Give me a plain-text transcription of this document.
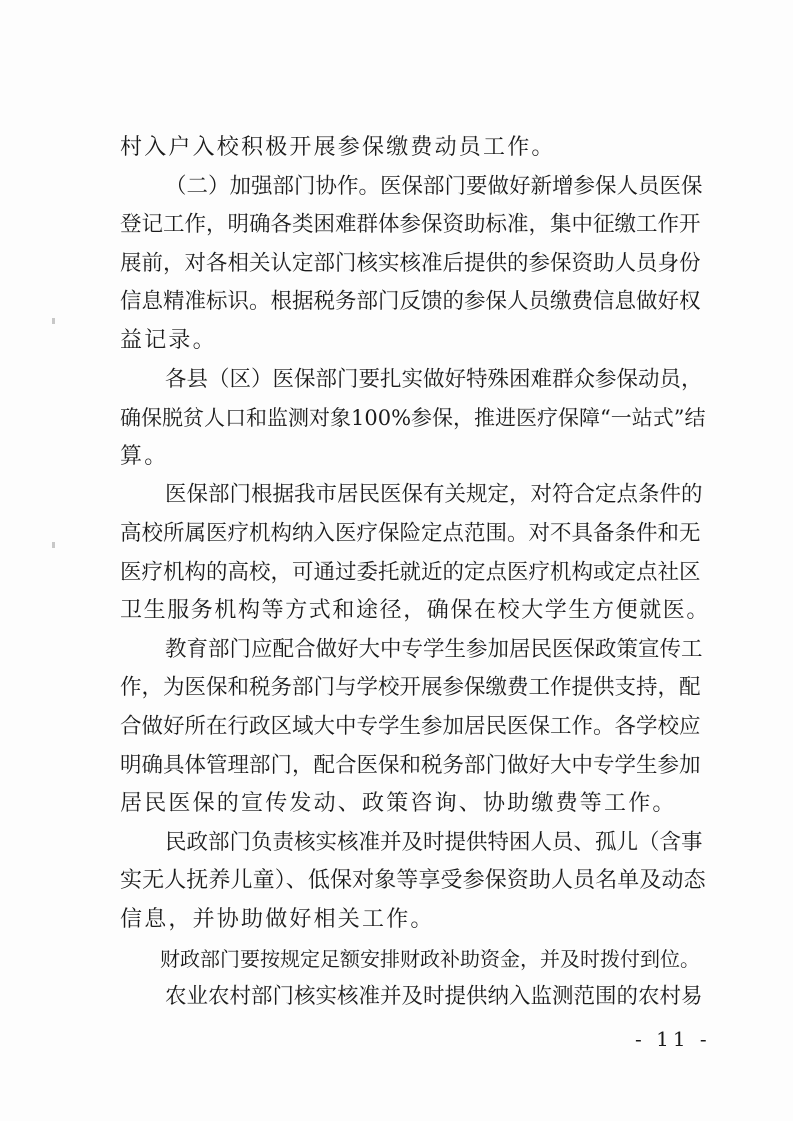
村入户入校积极开展参保缴费动员工作。
（二）加强部门协作。医保部门要做好新增参保人员医保
登记工作，明确各类困难群体参保资助标准，集中征缴工作开
展前，对各相关认定部门核实核准后提供的参保资助人员身份
信息精准标识。根据税务部门反馈的参保人员缴费信息做好权
益记录。
各县（区）医保部门要扎实做好特殊困难群众参保动员，
确保脱贫人口和监测对象100%参保，推进医疗保障“一站式”结
算。
医保部门根据我市居民医保有关规定，对符合定点条件的
高校所属医疗机构纳入医疗保险定点范围。对不具备条件和无
医疗机构的高校，可通过委托就近的定点医疗机构或定点社区
卫生服务机构等方式和途径，确保在校大学生方便就医。
教育部门应配合做好大中专学生参加居民医保政策宣传工
作，为医保和税务部门与学校开展参保缴费工作提供支持，配
合做好所在行政区域大中专学生参加居民医保工作。各学校应
明确具体管理部门，配合医保和税务部门做好大中专学生参加
居民医保的宣传发动、政策咨询、协助缴费等工作。
民政部门负责核实核准并及时提供特困人员、孤儿（含事
实无人抚养儿童）、低保对象等享受参保资助人员名单及动态
信息，并协助做好相关工作。
财政部门要按规定足额安排财政补助资金，并及时拨付到位。
农业农村部门核实核准并及时提供纳入监测范围的农村易
- 11 -
